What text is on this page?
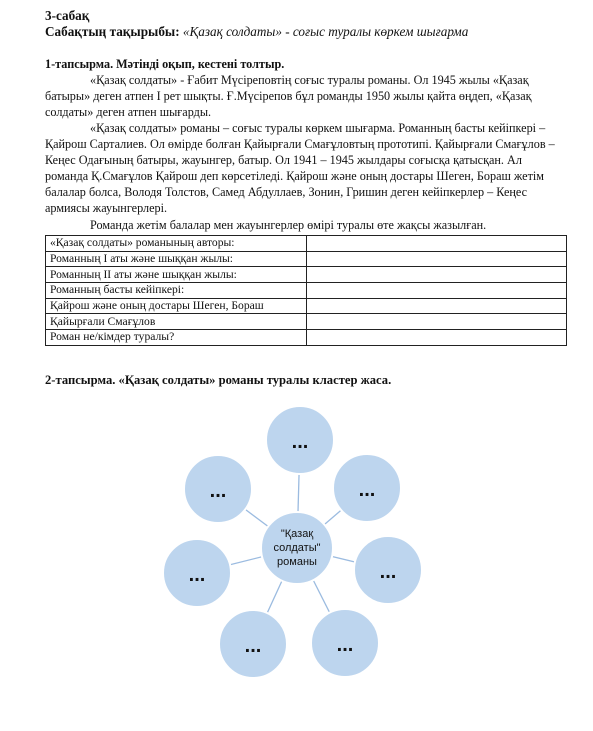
3-сабақ
Сабақтың тақырыбы: «Қазақ солдаты» - соғыс туралы көркем шығарма
1-тапсырма. Мәтінді оқып, кестені толтыр.
«Қазақ солдаты» - Ғабит Мүсіреповтің соғыс туралы романы. Ол 1945 жылы «Қазақ
батыры» деген атпен I рет шықты. Ғ.Мүсірепов бұл романды 1950 жылы қайта өңдеп, «Қазақ
солдаты» деген атпен шығарды.
«Қазақ солдаты» романы – соғыс туралы көркем шығарма. Романның басты кейіпкері –
Қайрош Сарталиев. Ол өмірде болған Қайырғали Смағұловтың прототипі. Қайырғали Смағұлов –
Кеңес Одағының батыры, жауынгер, батыр. Ол 1941 – 1945 жылдары соғысқа қатысқан. Ал
романда Қ.Смағұлов Қайрош деп көрсетіледі. Қайрош және оның достары Шеген, Бораш жетім
балалар болса, Володя Толстов, Самед Абдуллаев, Зонин, Гришин деген кейіпкерлер – Кеңес
армиясы жауынгерлері.
Романда жетім балалар мен жауынгерлер өмірі туралы өте жақсы жазылған.
«Қазақ солдаты» романының авторы:	
Романның I аты және шыққан жылы:	
Романның II аты және шыққан жылы:	
Романның басты кейіпкері:	
Қайрош және оның достары Шеген, Бораш	
Қайырғали Смағұлов	
Роман не/кімдер туралы?	
2-тапсырма. «Қазақ солдаты» романы туралы кластер жаса.
...
...
...
...
...
...
...
"Қазақ
солдаты"
романы
